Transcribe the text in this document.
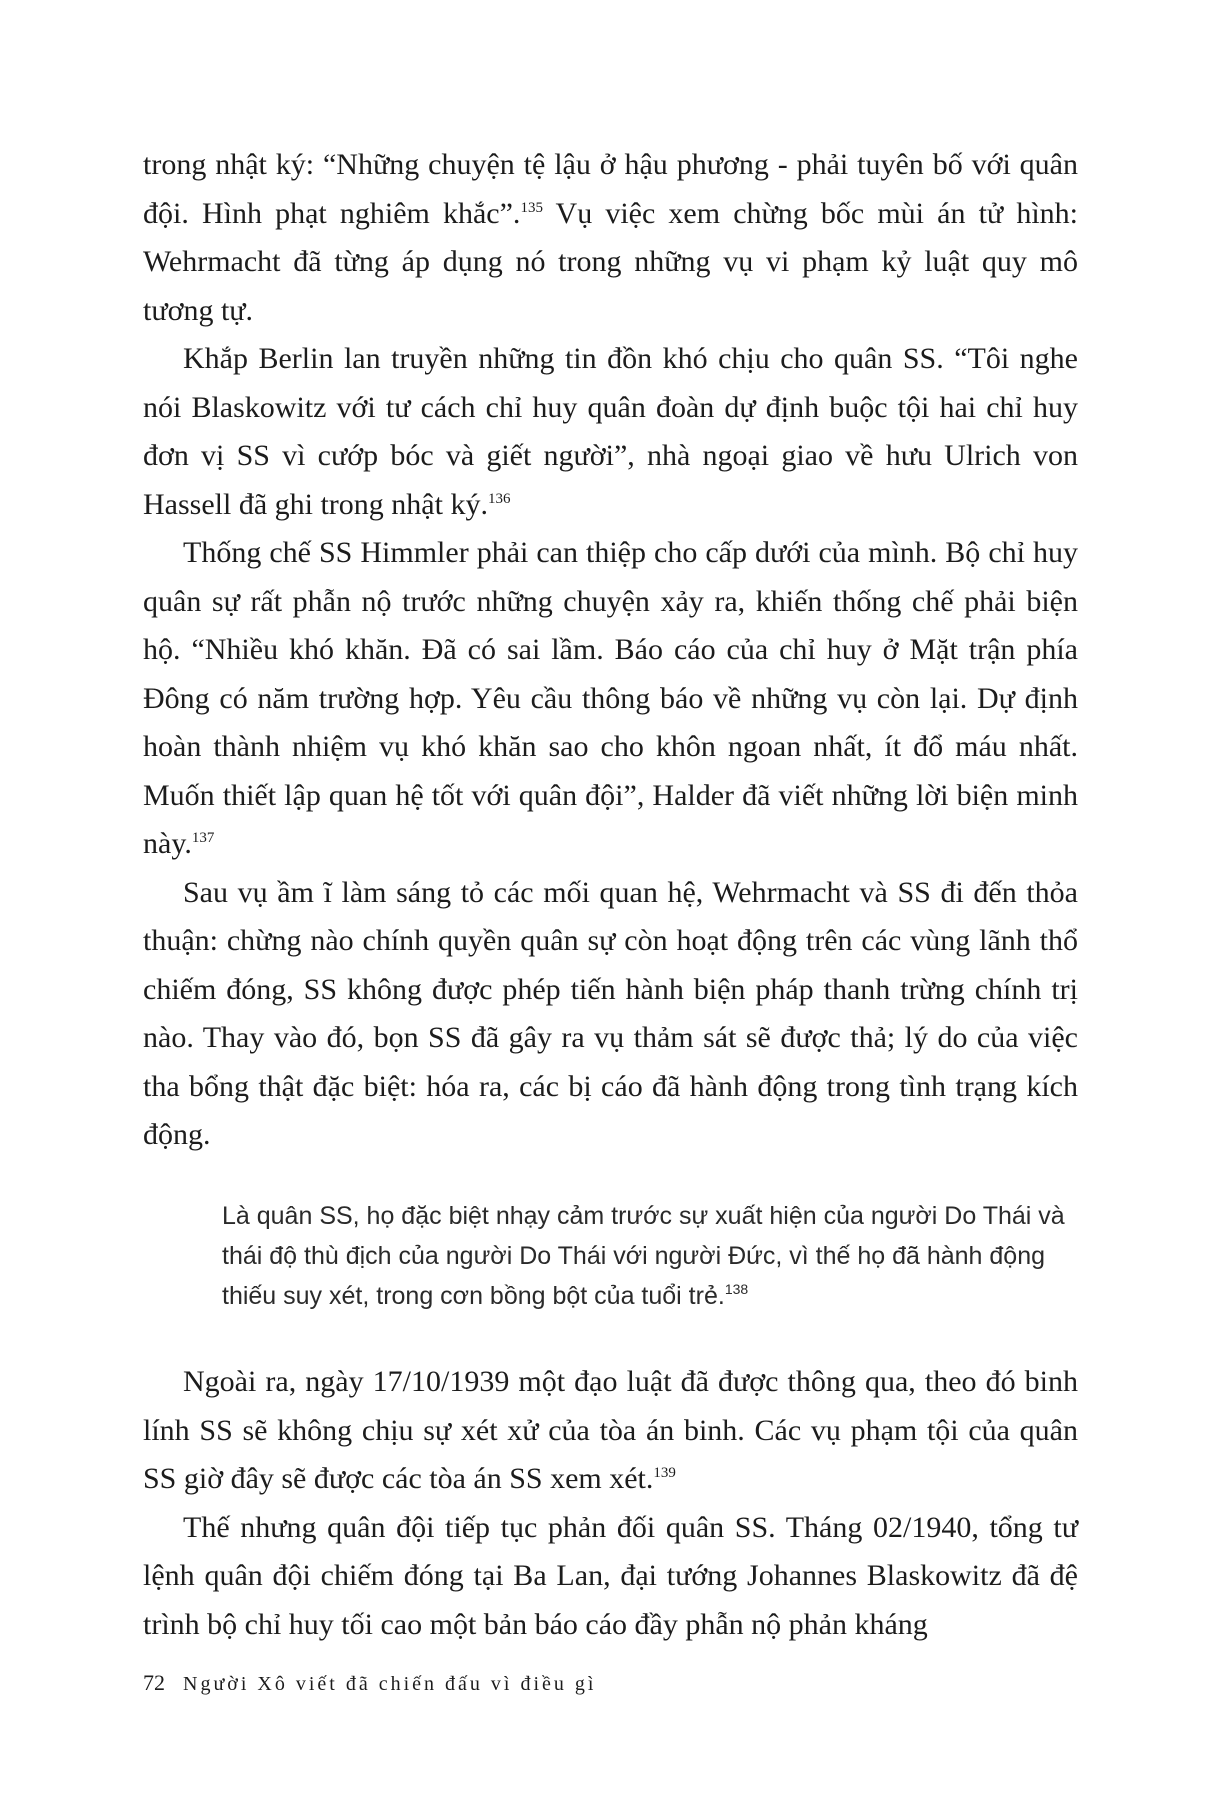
trong nhật ký: “Những chuyện tệ lậu ở hậu phương - phải tuyên bố với quân đội. Hình phạt nghiêm khắc”.$^{135}$ Vụ việc xem chừng bốc mùi án tử hình: Wehrmacht đã từng áp dụng nó trong những vụ vi phạm kỷ luật quy mô tương tự.

Khắp Berlin lan truyền những tin đồn khó chịu cho quân SS. “Tôi nghe nói Blaskowitz với tư cách chỉ huy quân đoàn dự định buộc tội hai chỉ huy đơn vị SS vì cướp bóc và giết người”, nhà ngoại giao về hưu Ulrich von Hassell đã ghi trong nhật ký.$^{136}$

Thống chế SS Himmler phải can thiệp cho cấp dưới của mình. Bộ chỉ huy quân sự rất phẫn nộ trước những chuyện xảy ra, khiến thống chế phải biện hộ. “Nhiều khó khăn. Đã có sai lầm. Báo cáo của chỉ huy ở Mặt trận phía Đông có năm trường hợp. Yêu cầu thông báo về những vụ còn lại. Dự định hoàn thành nhiệm vụ khó khăn sao cho khôn ngoan nhất, ít đổ máu nhất. Muốn thiết lập quan hệ tốt với quân đội”, Halder đã viết những lời biện minh này.$^{137}$

Sau vụ ầm ĩ làm sáng tỏ các mối quan hệ, Wehrmacht và SS đi đến thỏa thuận: chừng nào chính quyền quân sự còn hoạt động trên các vùng lãnh thổ chiếm đóng, SS không được phép tiến hành biện pháp thanh trừng chính trị nào. Thay vào đó, bọn SS đã gây ra vụ thảm sát sẽ được thả; lý do của việc tha bổng thật đặc biệt: hóa ra, các bị cáo đã hành động trong tình trạng kích động.

Là quân SS, họ đặc biệt nhạy cảm trước sự xuất hiện của người Do Thái và thái độ thù địch của người Do Thái với người Đức, vì thế họ đã hành động thiếu suy xét, trong cơn bồng bột của tuổi trẻ.$^{138}$

Ngoài ra, ngày 17/10/1939 một đạo luật đã được thông qua, theo đó binh lính SS sẽ không chịu sự xét xử của tòa án binh. Các vụ phạm tội của quân SS giờ đây sẽ được các tòa án SS xem xét.$^{139}$

Thế nhưng quân đội tiếp tục phản đối quân SS. Tháng 02/1940, tổng tư lệnh quân đội chiếm đóng tại Ba Lan, đại tướng Johannes Blaskowitz đã đệ trình bộ chỉ huy tối cao một bản báo cáo đầy phẫn nộ phản kháng

72 Người Xô viết đã chiến đấu vì điều gì
